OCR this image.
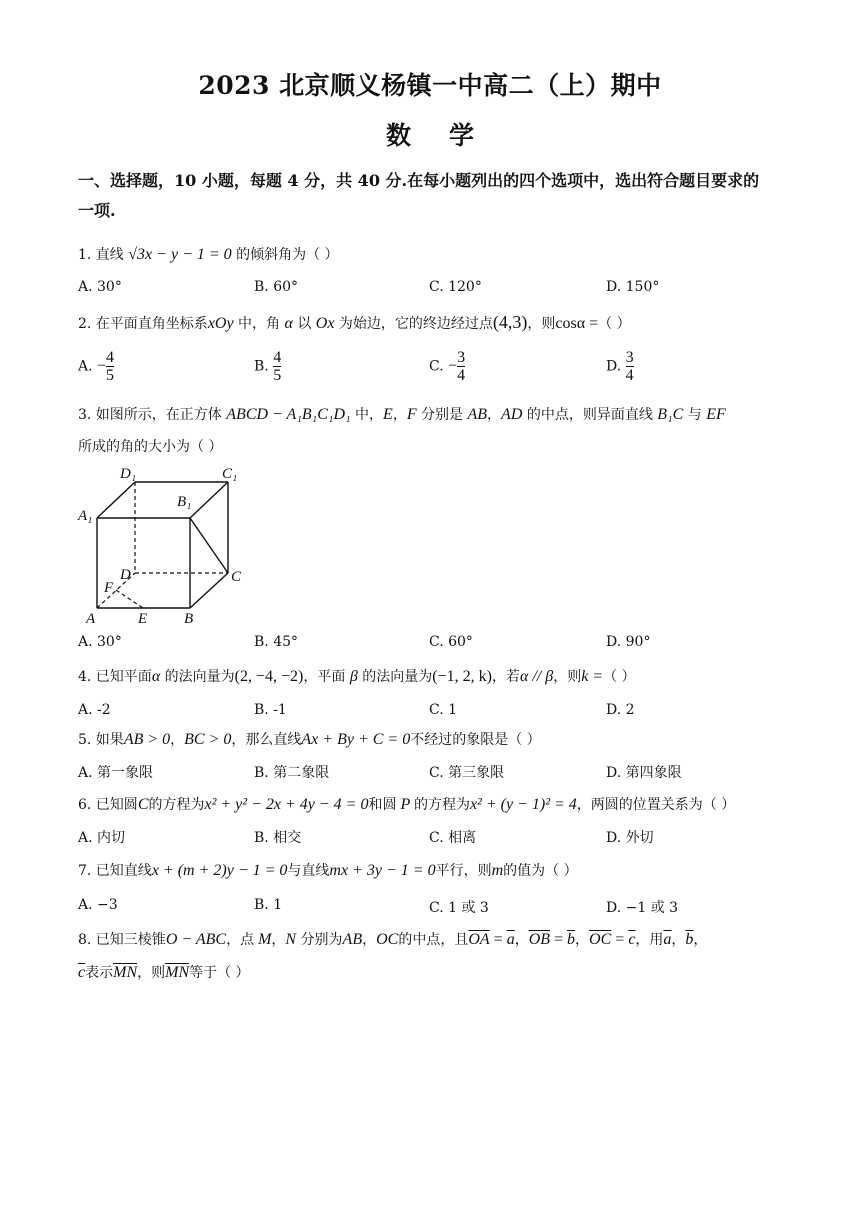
2023 北京顺义杨镇一中高二（上）期中
数学
一、选择题，10 小题，每题 4 分，共 40 分.在每小题列出的四个选项中，选出符合题目要求的
一项.
1. 直线 √3x − y − 1 = 0 的倾斜角为（ ）
A. 30°	B. 60°	C. 120°	D. 150°
2. 在平面直角坐标系xOy 中，角 α 以 Ox 为始边，它的终边经过点(4,3)，则cosα =（ ）
A. − $\frac{4}{5}$	B. $\frac{4}{5}$	C. − $\frac{3}{4}$	D. $\frac{3}{4}$
3. 如图所示，在正方体 ABCD − A₁B₁C₁D₁ 中，E，F 分别是 AB，AD 的中点，则异面直线 B₁C 与 EF
所成的角的大小为（ ）
D₁	C₁
B₁
A₁
D	C
F
A	E B
A. 30°	B. 45°	C. 60°	D. 90°
4. 已知平面α 的法向量为(2, −4, −2)，平面 β 的法向量为(−1, 2, k)，若α // β，则k =（ ）
A. -2	B. -1	C. 1	D. 2
5. 如果AB > 0，BC > 0，那么直线Ax + By + C = 0不经过的象限是（ ）
A. 第一象限	B. 第二象限	C. 第三象限	D. 第四象限
6. 已知圆C的方程为x² + y² − 2x + 4y − 4 = 0和圆 P 的方程为x² + (y − 1)² = 4，两圆的位置关系为（ ）
A. 内切	B. 相交	C. 相离	D. 外切
7. 已知直线x + (m + 2)y − 1 = 0与直线mx + 3y − 1 = 0平行，则m的值为（ ）
A. −3	B. 1	C. 1 或 3	D. −1 或 3
8. 已知三棱锥O − ABC，点 M，N 分别为AB，OC的中点，且$\overline{OA} = \overline{a}$，$\overline{OB} = \overline{b}$，$\overline{OC} = \overline{c}$，用$\overline{a}$，$\overline{b}$，
$\overline{c}$表示$\overline{MN}$，则$\overline{MN}$等于（ ）
